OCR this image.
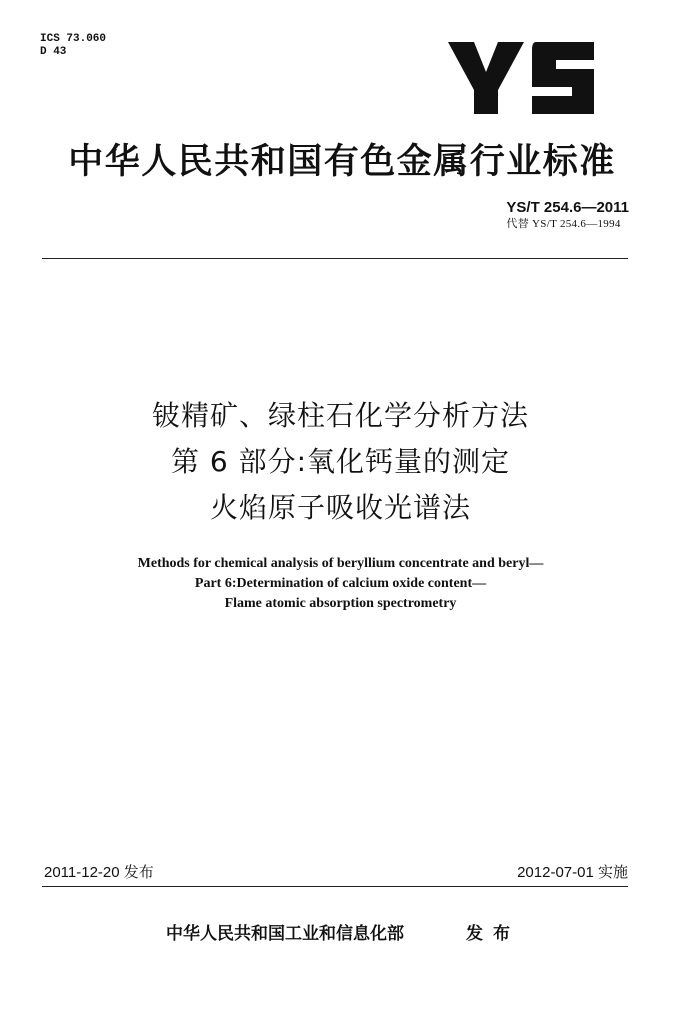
ICS 73.060
D 43
中华人民共和国有色金属行业标准
YS/T 254.6—2011
代替 YS/T 254.6—1994
铍精矿、绿柱石化学分析方法
第 6 部分:氧化钙量的测定
火焰原子吸收光谱法
Methods for chemical analysis of beryllium concentrate and beryl—
Part 6:Determination of calcium oxide content—
Flame atomic absorption spectrometry
2011-12-20 发布	2012-07-01 实施
中华人民共和国工业和信息化部	发布
